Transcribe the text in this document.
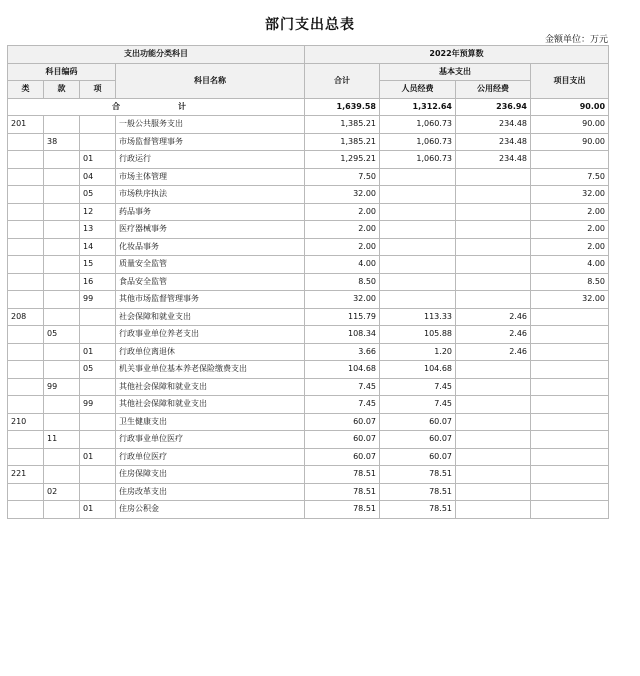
部门支出总表
金额单位：万元
支出功能分类科目				2022年预算数			
科目编码			科目名称	合计	基本支出		项目支出
类	款	项			人员经费	公用经费	
合　　计				1,639.58	1,312.64	236.94	90.00
201			一般公共服务支出	1,385.21	1,060.73	234.48	90.00
	38		市场监督管理事务	1,385.21	1,060.73	234.48	90.00
		01	行政运行	1,295.21	1,060.73	234.48	
		04	市场主体管理	7.50			7.50
		05	市场秩序执法	32.00			32.00
		12	药品事务	2.00			2.00
		13	医疗器械事务	2.00			2.00
		14	化妆品事务	2.00			2.00
		15	质量安全监管	4.00			4.00
		16	食品安全监管	8.50			8.50
		99	其他市场监督管理事务	32.00			32.00
208			社会保障和就业支出	115.79	113.33	2.46	
	05		行政事业单位养老支出	108.34	105.88	2.46	
		01	行政单位离退休	3.66	1.20	2.46	
		05	机关事业单位基本养老保险缴费支出	104.68	104.68		
	99		其他社会保障和就业支出	7.45	7.45		
		99	其他社会保障和就业支出	7.45	7.45		
210			卫生健康支出	60.07	60.07		
	11		行政事业单位医疗	60.07	60.07		
		01	行政单位医疗	60.07	60.07		
221			住房保障支出	78.51	78.51		
	02		住房改革支出	78.51	78.51		
		01	住房公积金	78.51	78.51		
